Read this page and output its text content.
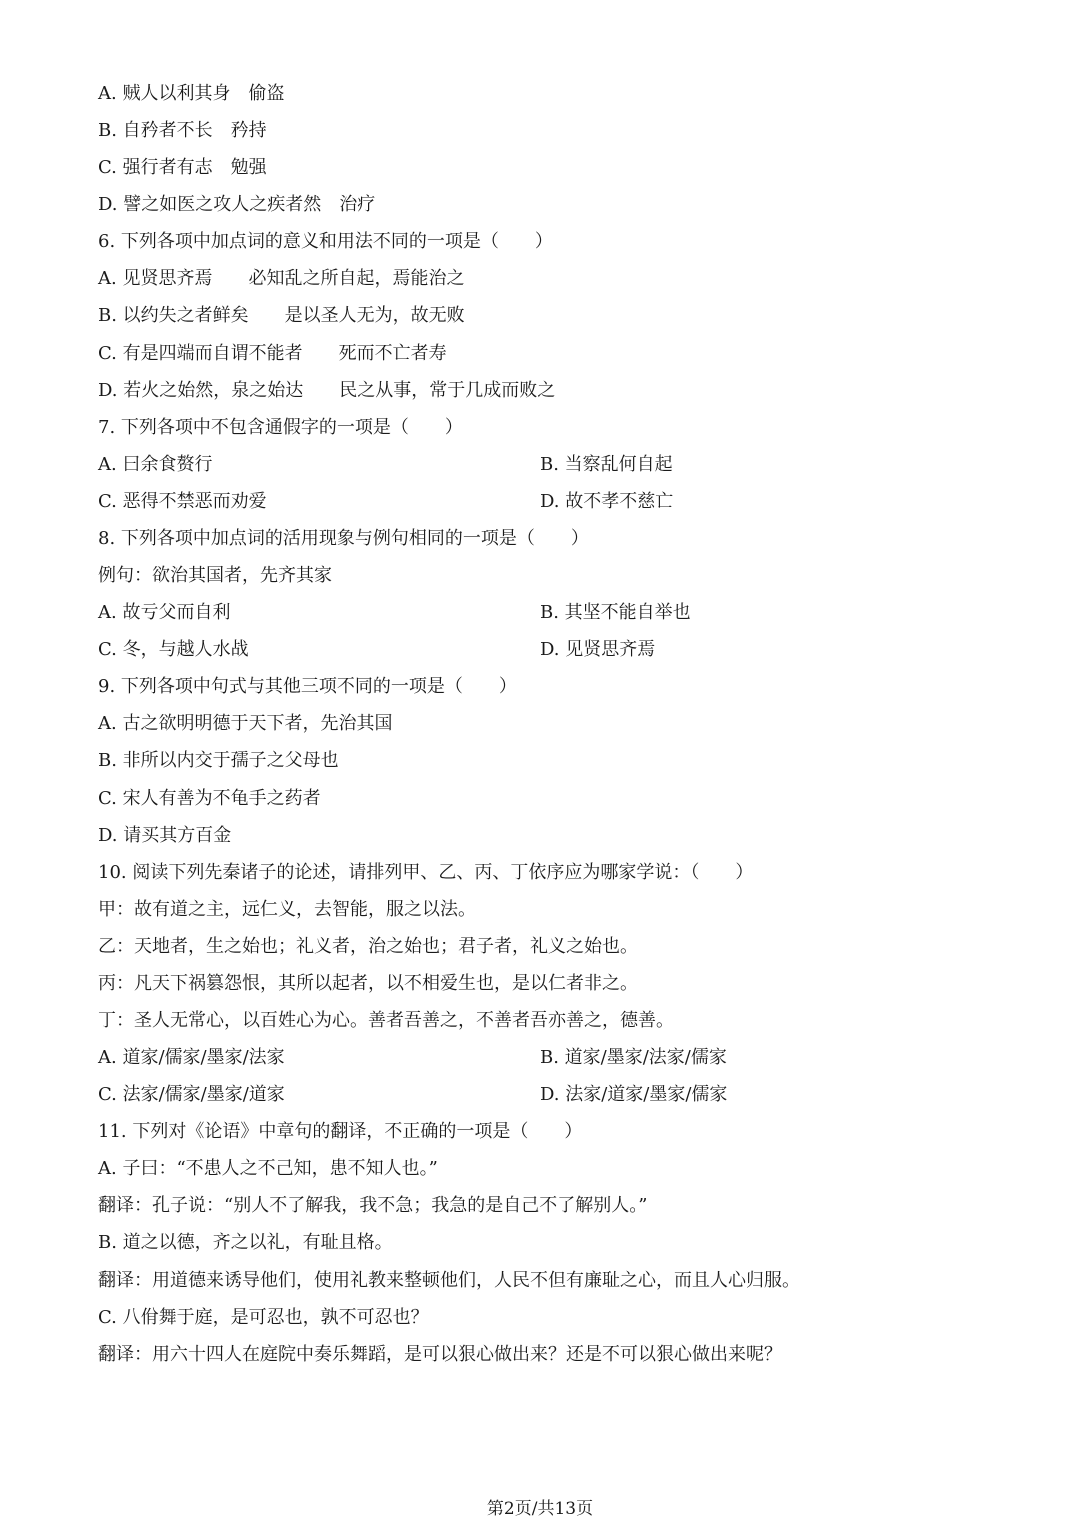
A. 贼人以利其身　偷盗
B. 自矜者不长　矜持
C. 强行者有志　勉强
D. 譬之如医之攻人之疾者然　治疗
6. 下列各项中加点词的意义和用法不同的一项是（　　）
A. 见贤思齐焉　　必知乱之所自起，焉能治之
B. 以约失之者鲜矣　　是以圣人无为，故无败
C. 有是四端而自谓不能者　　死而不亡者寿
D. 若火之始然，泉之始达　　民之从事，常于几成而败之
7. 下列各项中不包含通假字的一项是（　　）
A. 曰余食赘行	B. 当察乱何自起
C. 恶得不禁恶而劝爱	D. 故不孝不慈亡
8. 下列各项中加点词的活用现象与例句相同的一项是（　　）
例句：欲治其国者，先齐其家
A. 故亏父而自利	B. 其坚不能自举也
C. 冬，与越人水战	D. 见贤思齐焉
9. 下列各项中句式与其他三项不同的一项是（　　）
A. 古之欲明明德于天下者，先治其国
B. 非所以内交于孺子之父母也
C. 宋人有善为不龟手之药者
D. 请买其方百金
10. 阅读下列先秦诸子的论述，请排列甲、乙、丙、丁依序应为哪家学说：（　　）
甲：故有道之主，远仁义，去智能，服之以法。
乙：天地者，生之始也；礼义者，治之始也；君子者，礼义之始也。
丙：凡天下祸篡怨恨，其所以起者，以不相爱生也，是以仁者非之。
丁：圣人无常心，以百姓心为心。善者吾善之，不善者吾亦善之，德善。
A. 道家/儒家/墨家/法家	B. 道家/墨家/法家/儒家
C. 法家/儒家/墨家/道家	D. 法家/道家/墨家/儒家
11. 下列对《论语》中章句的翻译，不正确的一项是（　　）
A. 子曰：“不患人之不己知，患不知人也。”
翻译：孔子说：“别人不了解我，我不急；我急的是自己不了解别人。”
B. 道之以德，齐之以礼，有耻且格。
翻译：用道德来诱导他们，使用礼教来整顿他们，人民不但有廉耻之心，而且人心归服。
C. 八佾舞于庭，是可忍也，孰不可忍也？
翻译：用六十四人在庭院中奏乐舞蹈，是可以狠心做出来？还是不可以狠心做出来呢？
第2页/共13页
